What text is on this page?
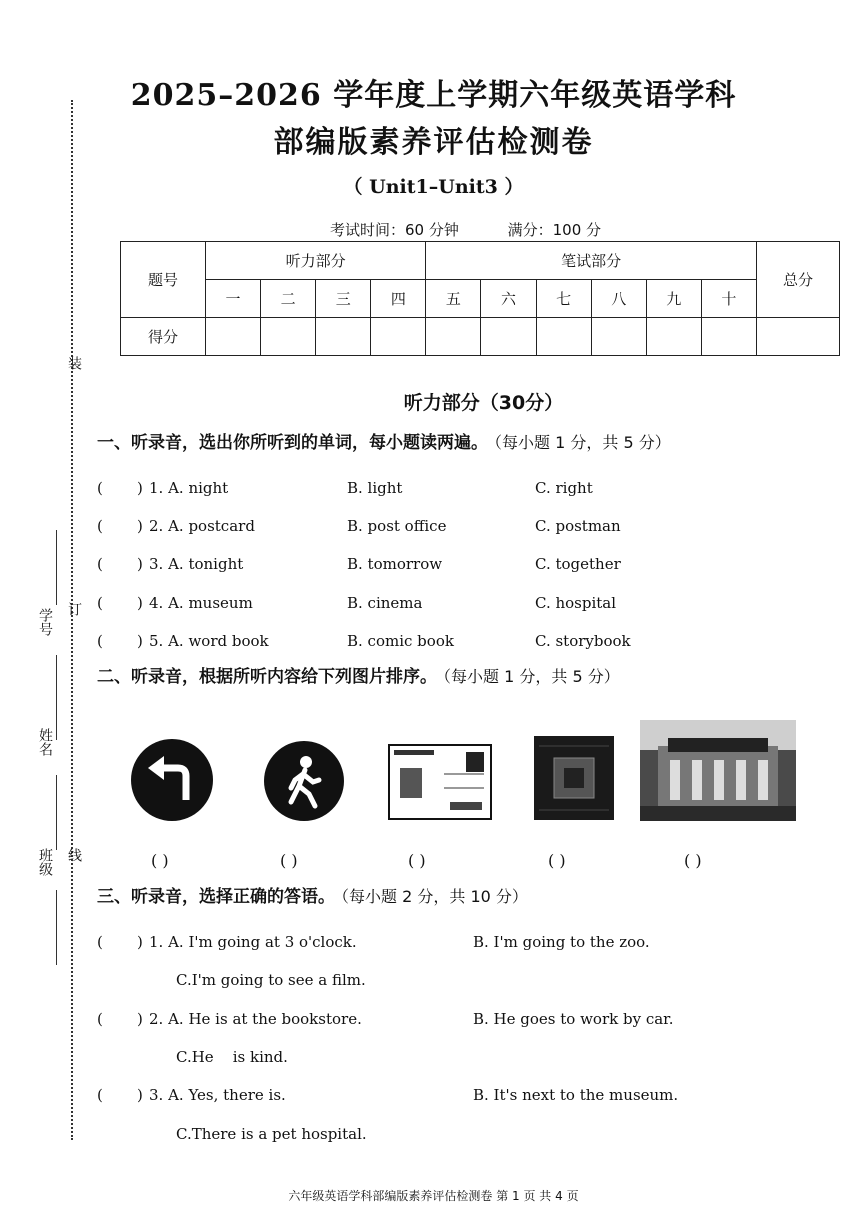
装
订
线
学号
姓名
班级
2025–2026 学年度上学期六年级英语学科
部编版素养评估检测卷
（ Unit1–Unit3 ）
考试时间：60 分钟	满分：100 分
题号	听力部分				笔试部分						总分
	一	二	三	四	五	六	七	八	九	十	
得分											
听力部分（30分）
一、听录音，选出你所听到的单词，每小题读两遍。 （每小题 1 分，共 5 分）
( ) 1. A. night	B. light	C. right
( ) 2. A. postcard	B. post office	C. postman
( ) 3. A. tonight	B. tomorrow	C. together
( ) 4. A. museum	B. cinema	C. hospital
( ) 5. A. word book	B. comic book	C. storybook
二、听录音，根据所听内容给下列图片排序。 （每小题 1 分，共 5 分）
( )	( )	( )	( )	( )
三、听录音，选择正确的答语。 （每小题 2 分，共 10 分）
( ) 1. A. I'm going at 3 o'clock.	B. I'm going to the zoo.
C.I'm going to see a film.
( ) 2. A. He is at the bookstore.	B. He goes to work by car.
C.He    is kind.
( ) 3. A. Yes, there is.	B. It's next to the museum.
C.There is a pet hospital.
六年级英语学科部编版素养评估检测卷 第 1 页 共 4 页
